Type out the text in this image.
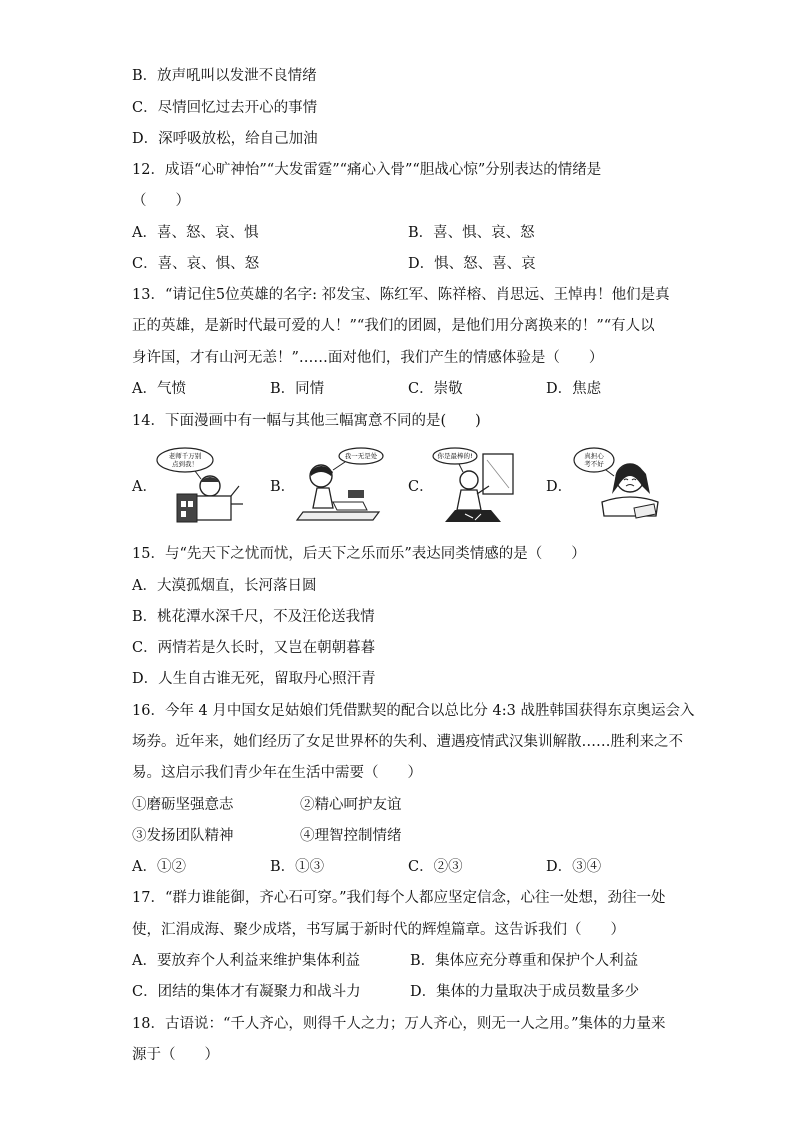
B．放声吼叫以发泄不良情绪
C．尽情回忆过去开心的事情
D．深呼吸放松，给自己加油
12．成语“心旷神怡”“大发雷霆”“痛心入骨”“胆战心惊”分别表达的情绪是
（　　）
A．喜、怒、哀、惧	B．喜、惧、哀、怒
C．喜、哀、惧、怒	D．惧、怒、喜、哀
13．“请记住5位英雄的名字: 祁发宝、陈红军、陈祥榕、肖思远、王悼冉！他们是真
正的英雄，是新时代最可爱的人！”“我们的团圆，是他们用分离换来的！”“有人以
身许国，才有山河无恙！”……面对他们，我们产生的情感体验是（　　）
A．气愤	B．同情	C．崇敬	D．焦虑
14．下面漫画中有一幅与其他三幅寓意不同的是(　　)
A．
老师千万别
点到我！
B．
我一无是处
C．
你是最棒的!
D．
真担心
考不好
15．与“先天下之忧而忧，后天下之乐而乐”表达同类情感的是（　　）
A．大漠孤烟直，长河落日圆
B．桃花潭水深千尺，不及汪伦送我情
C．两情若是久长时，又岂在朝朝暮暮
D．人生自古谁无死，留取丹心照汗青
16．今年 4 月中国女足姑娘们凭借默契的配合以总比分 4:3 战胜韩国获得东京奥运会入
场券。近年来，她们经历了女足世界杯的失利、遭遇疫情武汉集训解散……胜利来之不
易。这启示我们青少年在生活中需要（　　）
①磨砺坚强意志	②精心呵护友谊
③发扬团队精神	④理智控制情绪
A．①②	B．①③	C．②③	D．③④
17．“群力谁能御，齐心石可穿。”我们每个人都应坚定信念，心往一处想，劲往一处
使，汇涓成海、聚少成塔，书写属于新时代的辉煌篇章。这告诉我们（　　）
A．要放弃个人利益来维护集体利益	B．集体应充分尊重和保护个人利益
C．团结的集体才有凝聚力和战斗力	D．集体的力量取决于成员数量多少
18．古语说：“千人齐心，则得千人之力；万人齐心，则无一人之用。”集体的力量来
源于（　　）
